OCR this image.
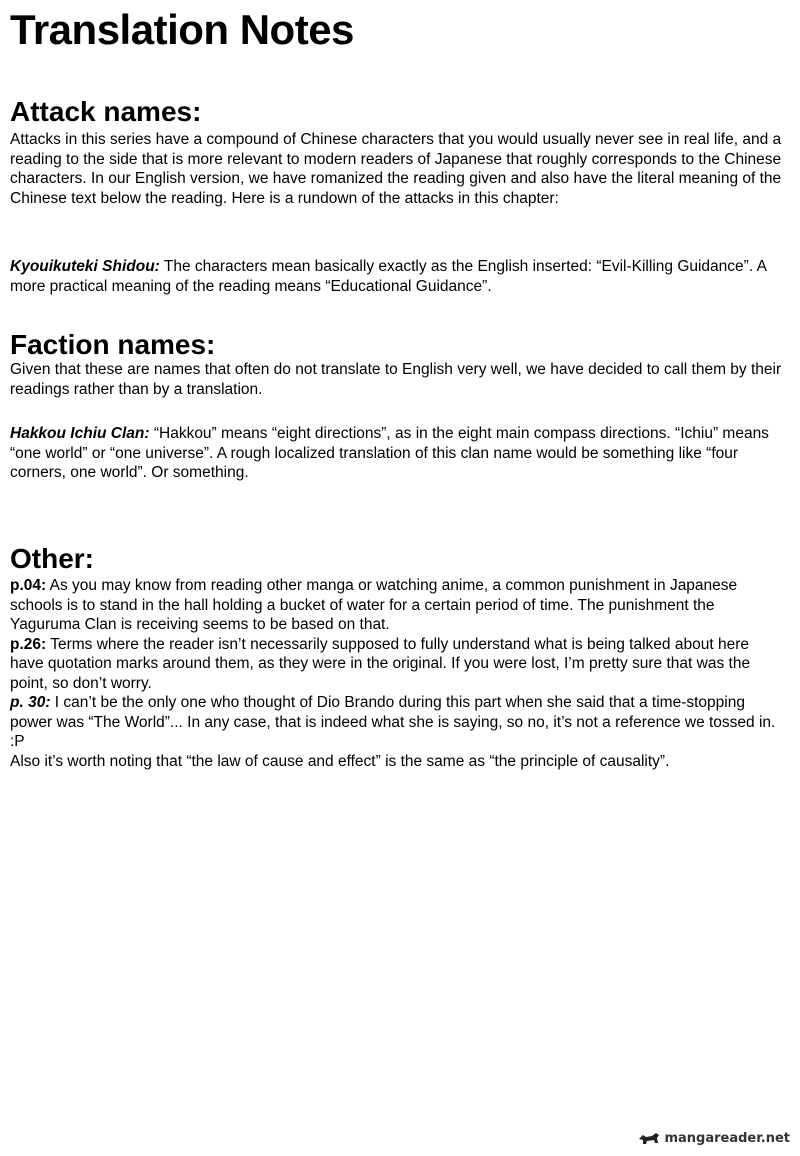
Translation Notes
Attack names:

Attacks in this series have a compound of Chinese characters that you would usually never see in real life, and a reading to the side that is more relevant to modern readers of Japanese that roughly corresponds to the Chinese characters. In our English version, we have romanized the reading given and also have the literal meaning of the Chinese text below the reading. Here is a rundown of the attacks in this chapter:

Kyouikuteki Shidou: The characters mean basically exactly as the English inserted: “Evil-Killing Guidance”. A more practical meaning of the reading means “Educational Guidance”.

Faction names:

Given that these are names that often do not translate to English very well, we have decided to call them by their readings rather than by a translation.

Hakkou Ichiu Clan: “Hakkou” means “eight directions”, as in the eight main compass directions. “Ichiu” means “one world” or “one universe”. A rough localized translation of this clan name would be something like “four corners, one world”. Or something.

Other:

p.04: As you may know from reading other manga or watching anime, a common punishment in Japanese schools is to stand in the hall holding a bucket of water for a certain period of time. The punishment the Yaguruma Clan is receiving seems to be based on that.
p.26: Terms where the reader isn’t necessarily supposed to fully understand what is being talked about here have quotation marks around them, as they were in the original. If you were lost, I’m pretty sure that was the point, so don’t worry.
p. 30: I can’t be the only one who thought of Dio Brando during this part when she said that a time-stopping power was “The World”... In any case, that is indeed what she is saying, so no, it’s not a reference we tossed in. :P
Also it’s worth noting that “the law of cause and effect” is the same as “the principle of causality”.

mangareader.net
